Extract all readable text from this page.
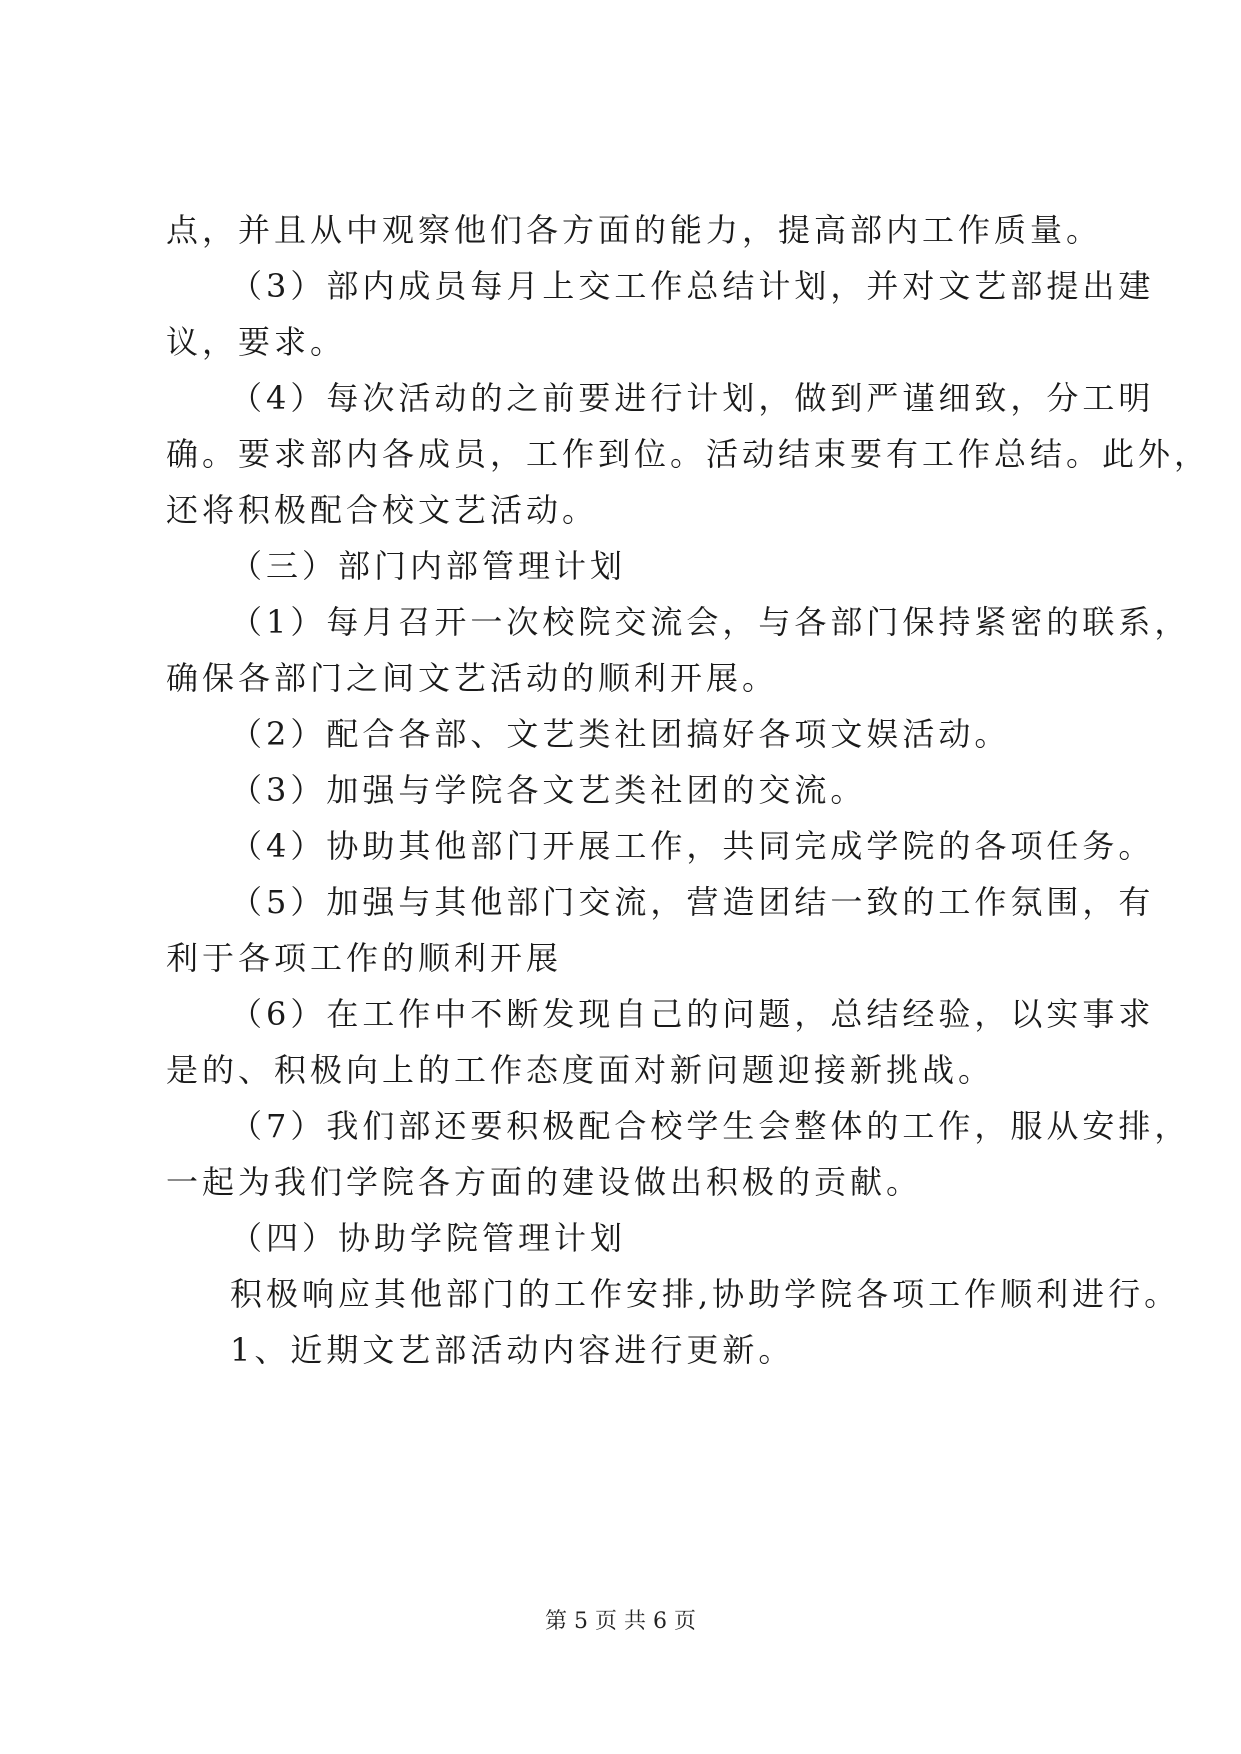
点，并且从中观察他们各方面的能力，提高部内工作质量。
（3）部内成员每月上交工作总结计划，并对文艺部提出建
议，要求。
（4）每次活动的之前要进行计划，做到严谨细致，分工明
确。要求部内各成员，工作到位。活动结束要有工作总结。此外，
还将积极配合校文艺活动。
（三）部门内部管理计划
（1）每月召开一次校院交流会，与各部门保持紧密的联系，
确保各部门之间文艺活动的顺利开展。
（2）配合各部、文艺类社团搞好各项文娱活动。
（3）加强与学院各文艺类社团的交流。
（4）协助其他部门开展工作，共同完成学院的各项任务。
（5）加强与其他部门交流，营造团结一致的工作氛围，有
利于各项工作的顺利开展
（6）在工作中不断发现自己的问题，总结经验，以实事求
是的、积极向上的工作态度面对新问题迎接新挑战。
（7）我们部还要积极配合校学生会整体的工作，服从安排，
一起为我们学院各方面的建设做出积极的贡献。
（四）协助学院管理计划
积极响应其他部门的工作安排,协助学院各项工作顺利进行。
1、近期文艺部活动内容进行更新。
第 5 页 共 6 页
